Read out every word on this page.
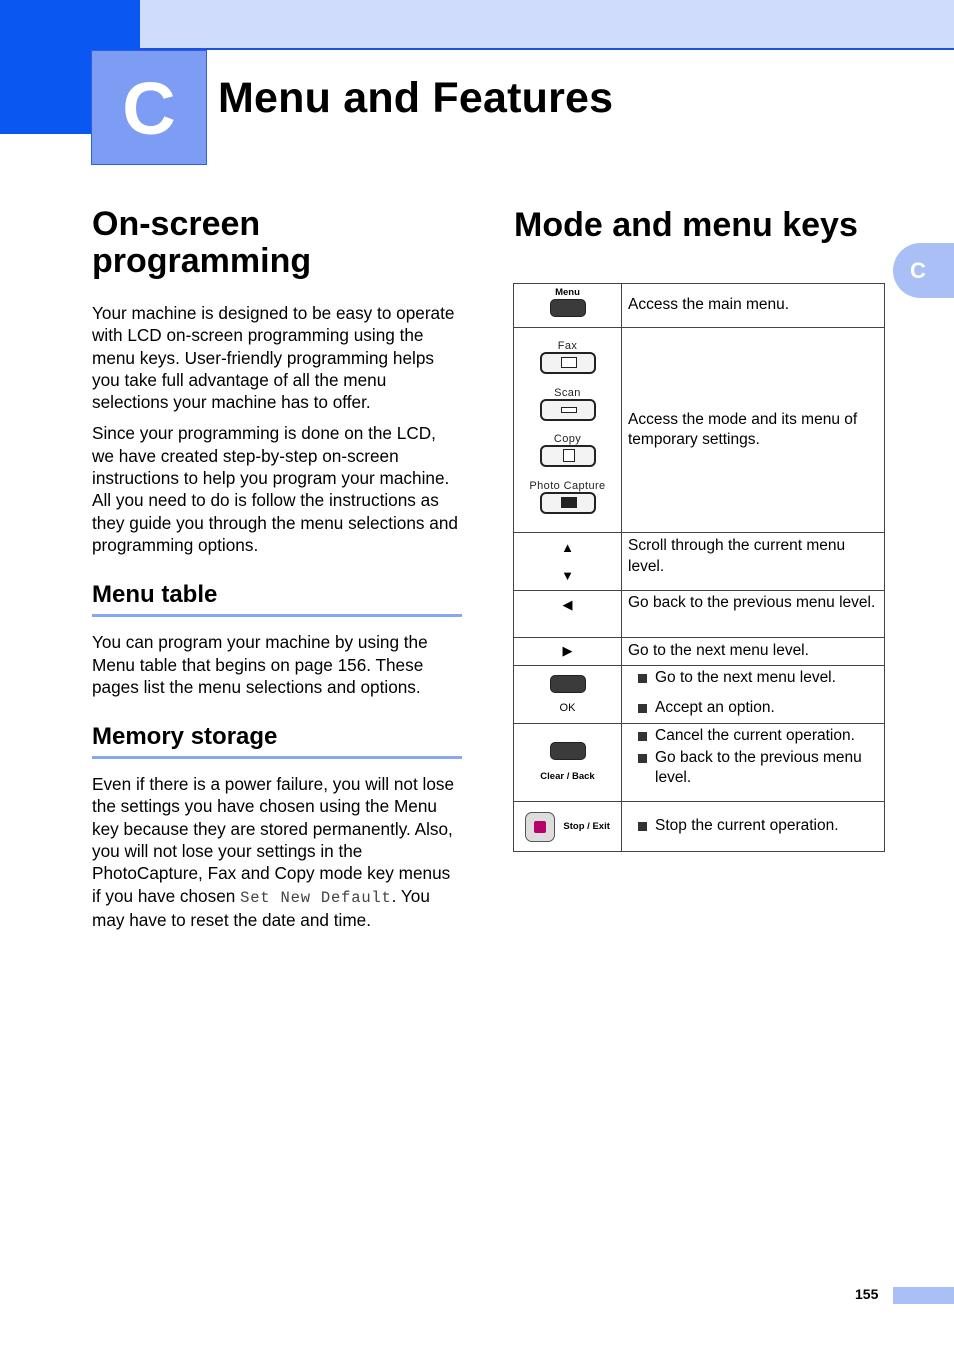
C Menu and Features
C
On-screen programming

Your machine is designed to be easy to operate with LCD on-screen programming using the menu keys. User-friendly programming helps you take full advantage of all the menu selections your machine has to offer.

Since your programming is done on the LCD, we have created step-by-step on-screen instructions to help you program your machine. All you need to do is follow the instructions as they guide you through the menu selections and programming options.

Menu table

You can program your machine by using the Menu table that begins on page 156. These pages list the menu selections and options.

Memory storage

Even if there is a power failure, you will not lose the settings you have chosen using the Menu key because they are stored permanently. Also, you will not lose your settings in the PhotoCapture, Fax and Copy mode key menus if you have chosen Set New Default. You may have to reset the date and time.

Mode and menu keys
Menu	Access the main menu.

Fax
Scan
Copy
Photo Capture	Access the mode and its menu of temporary settings.

▲
▼	Scroll through the current menu level.
◀	Go back to the previous menu level.
▶	Go to the next menu level.

OK	Go to the next menu level.
Accept an option.

Clear / Back	Cancel the current operation.
Go back to the previous menu level.

Stop / Exit	Stop the current operation.
155
